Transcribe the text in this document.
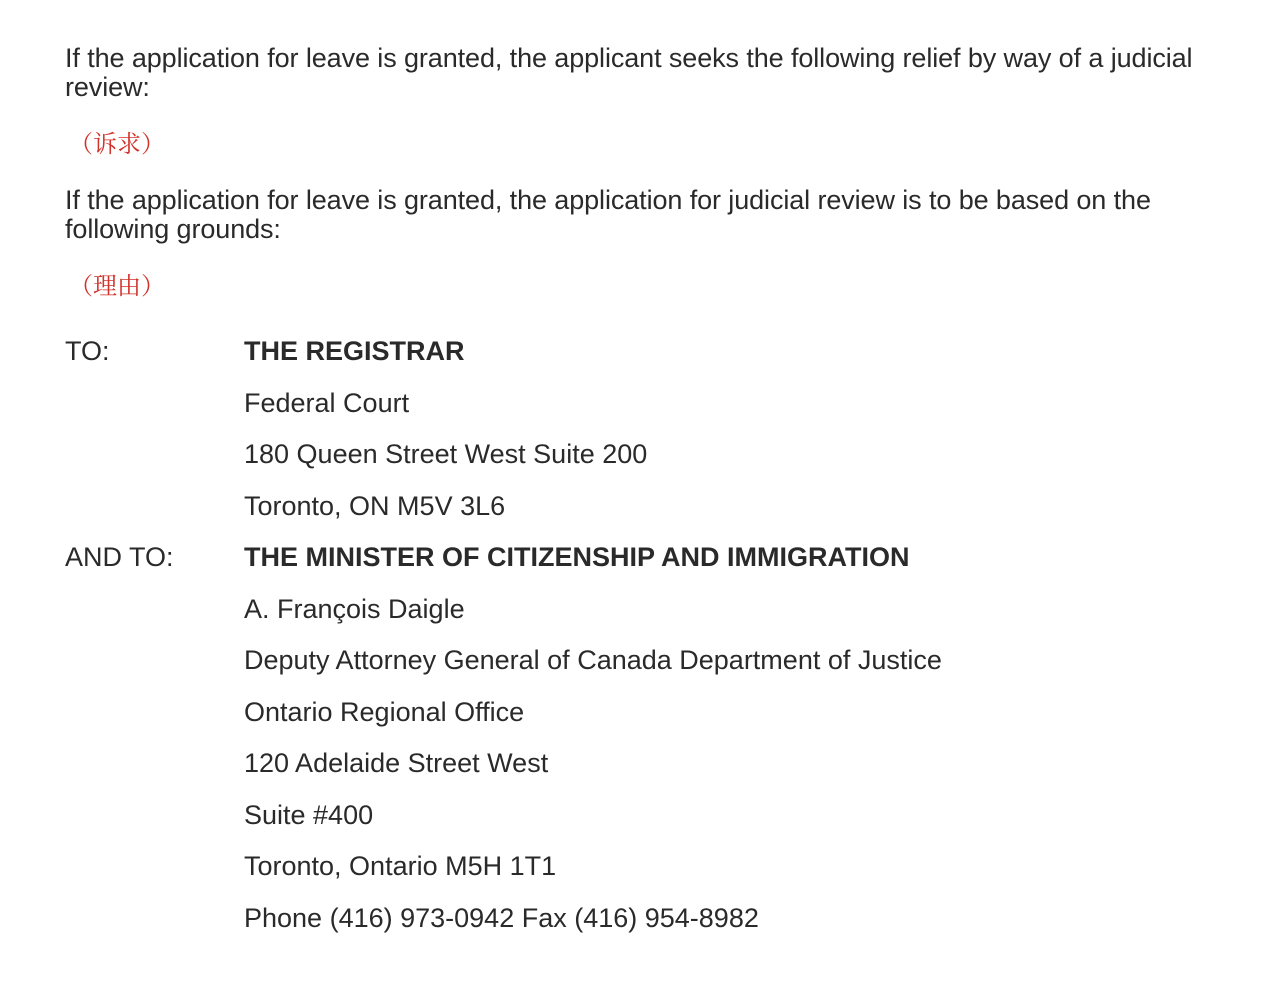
If the application for leave is granted, the applicant seeks the following relief by way of a judicial review:

（诉求）

If the application for leave is granted, the application for judicial review is to be based on the following grounds:

（理由）

TO:	THE REGISTRAR
Federal Court
180 Queen Street West Suite 200
Toronto, ON M5V 3L6
AND TO:	THE MINISTER OF CITIZENSHIP AND IMMIGRATION
A. François Daigle
Deputy Attorney General of Canada Department of Justice
Ontario Regional Office
120 Adelaide Street West
Suite #400
Toronto, Ontario M5H 1T1
Phone (416) 973-0942 Fax (416) 954-8982
